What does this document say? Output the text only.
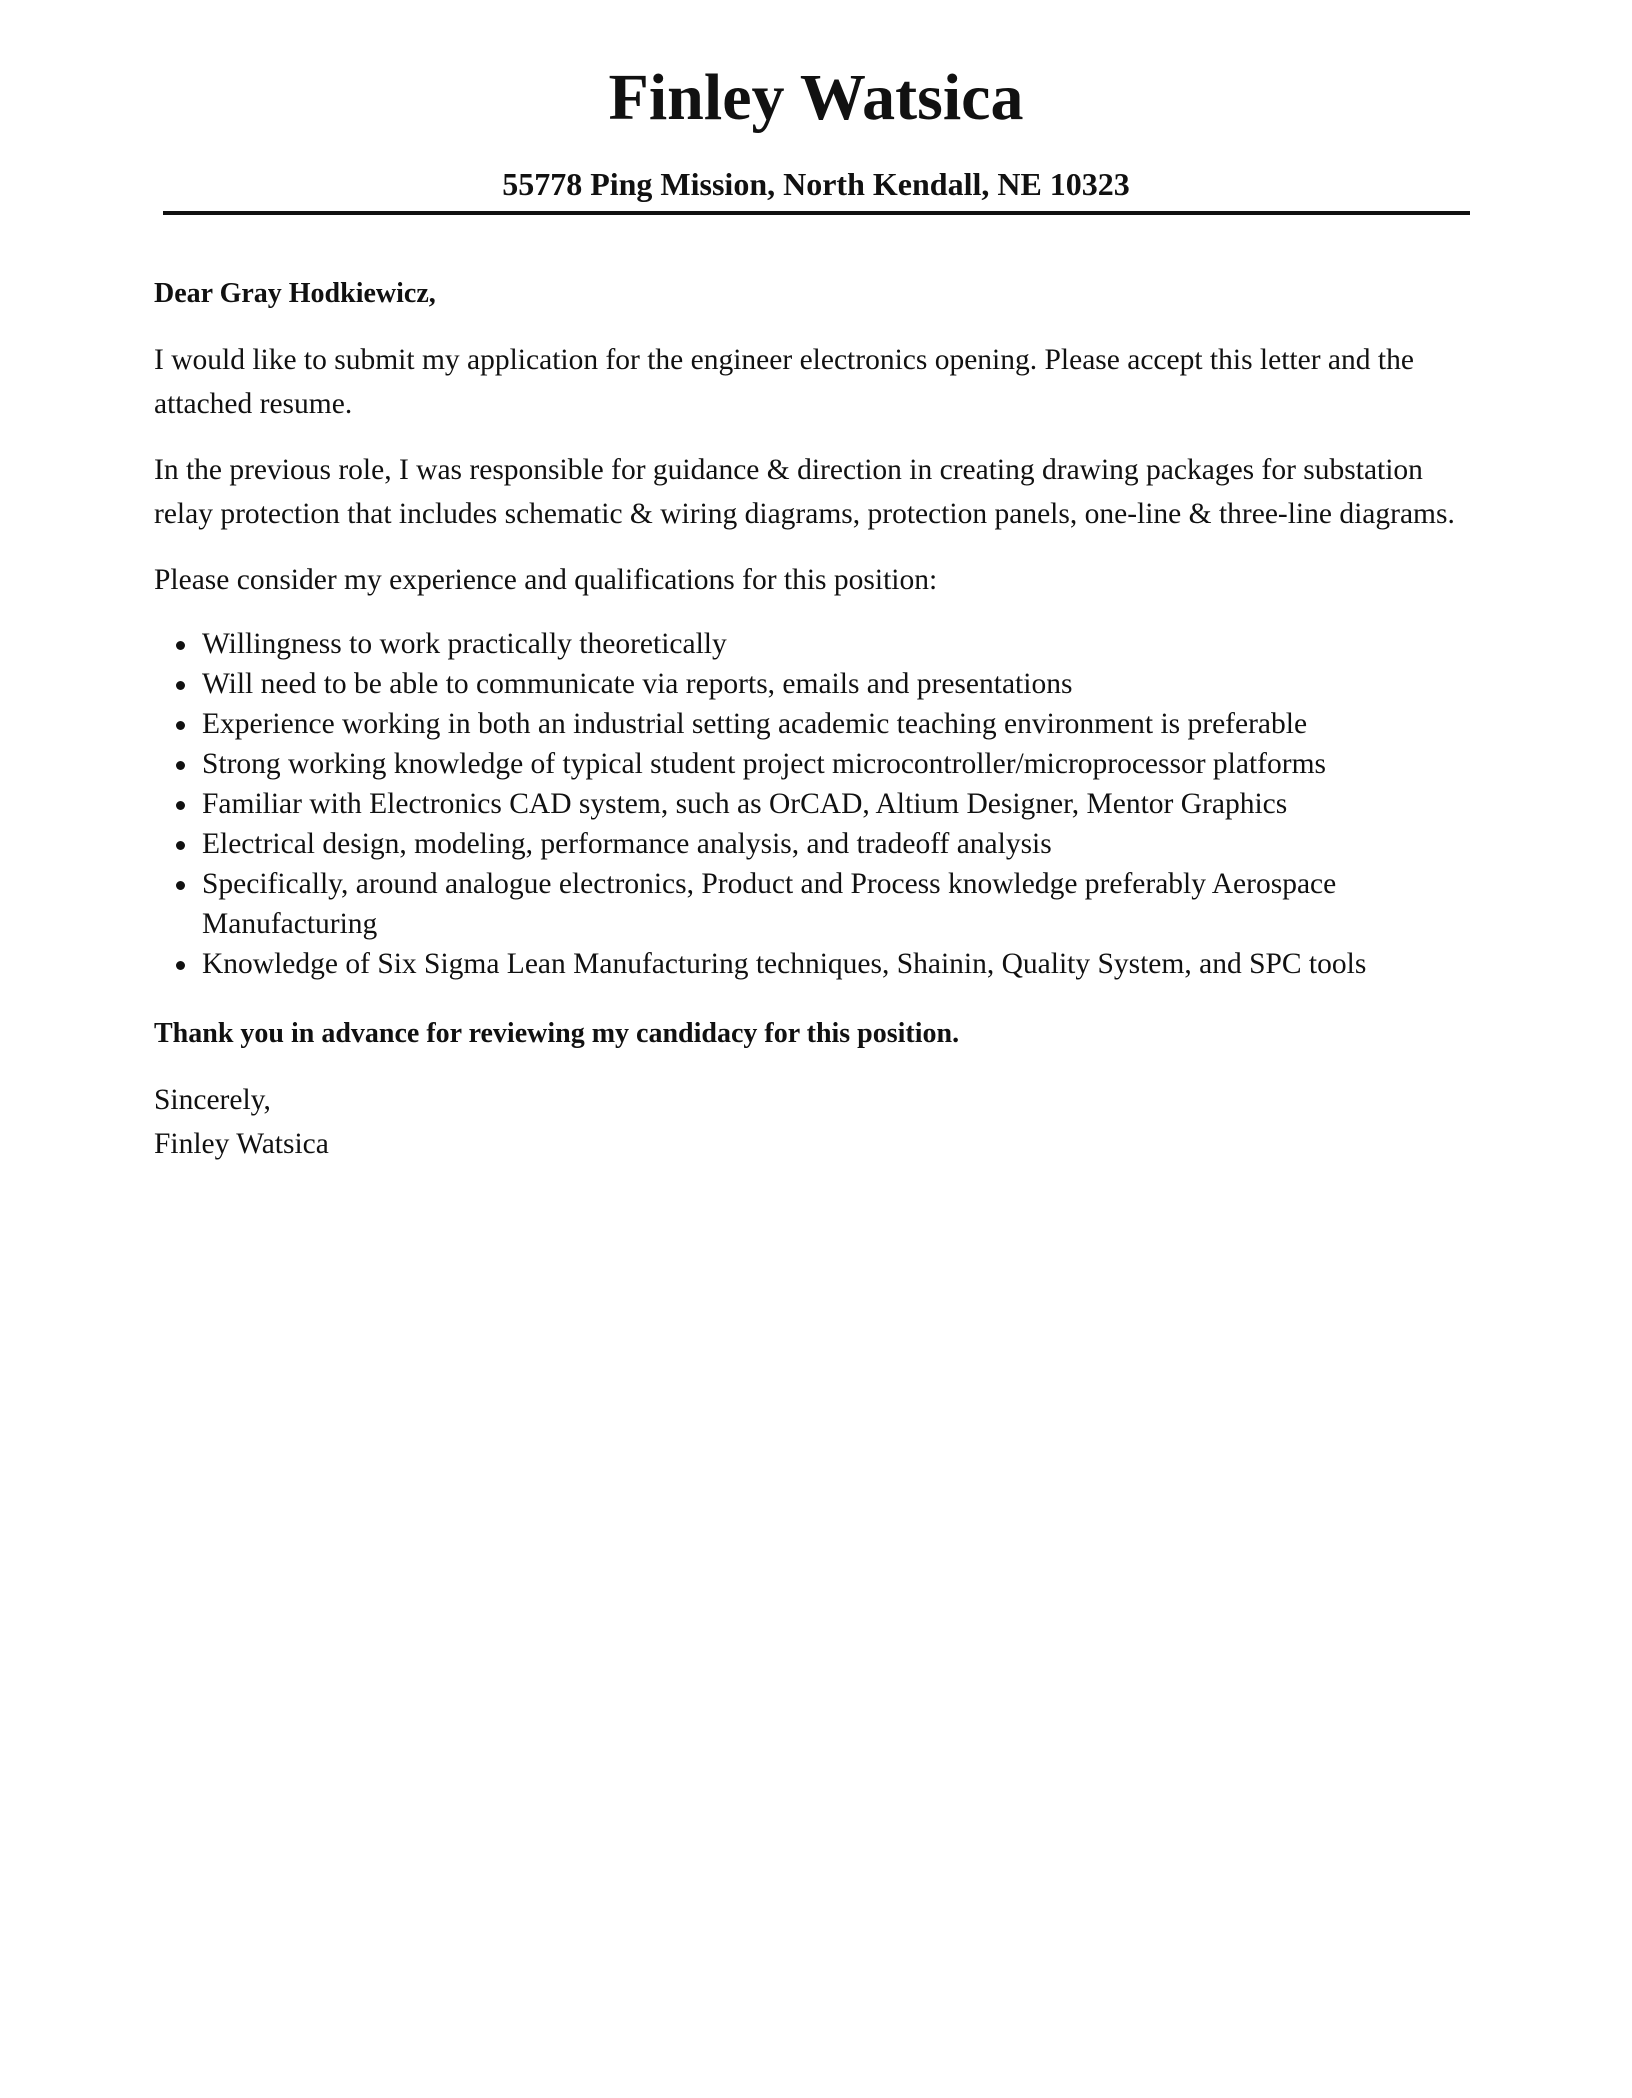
Finley Watsica
55778 Ping Mission, North Kendall, NE 10323

Dear Gray Hodkiewicz,

I would like to submit my application for the engineer electronics opening. Please accept this letter and the attached resume.

In the previous role, I was responsible for guidance & direction in creating drawing packages for substation relay protection that includes schematic & wiring diagrams, protection panels, one-line & three-line diagrams.

Please consider my experience and qualifications for this position:

Willingness to work practically theoretically
Will need to be able to communicate via reports, emails and presentations
Experience working in both an industrial setting academic teaching environment is preferable
Strong working knowledge of typical student project microcontroller/microprocessor platforms
Familiar with Electronics CAD system, such as OrCAD, Altium Designer, Mentor Graphics
Electrical design, modeling, performance analysis, and tradeoff analysis
Specifically, around analogue electronics, Product and Process knowledge preferably Aerospace Manufacturing
Knowledge of Six Sigma Lean Manufacturing techniques, Shainin, Quality System, and SPC tools

Thank you in advance for reviewing my candidacy for this position.

Sincerely,

Finley Watsica
